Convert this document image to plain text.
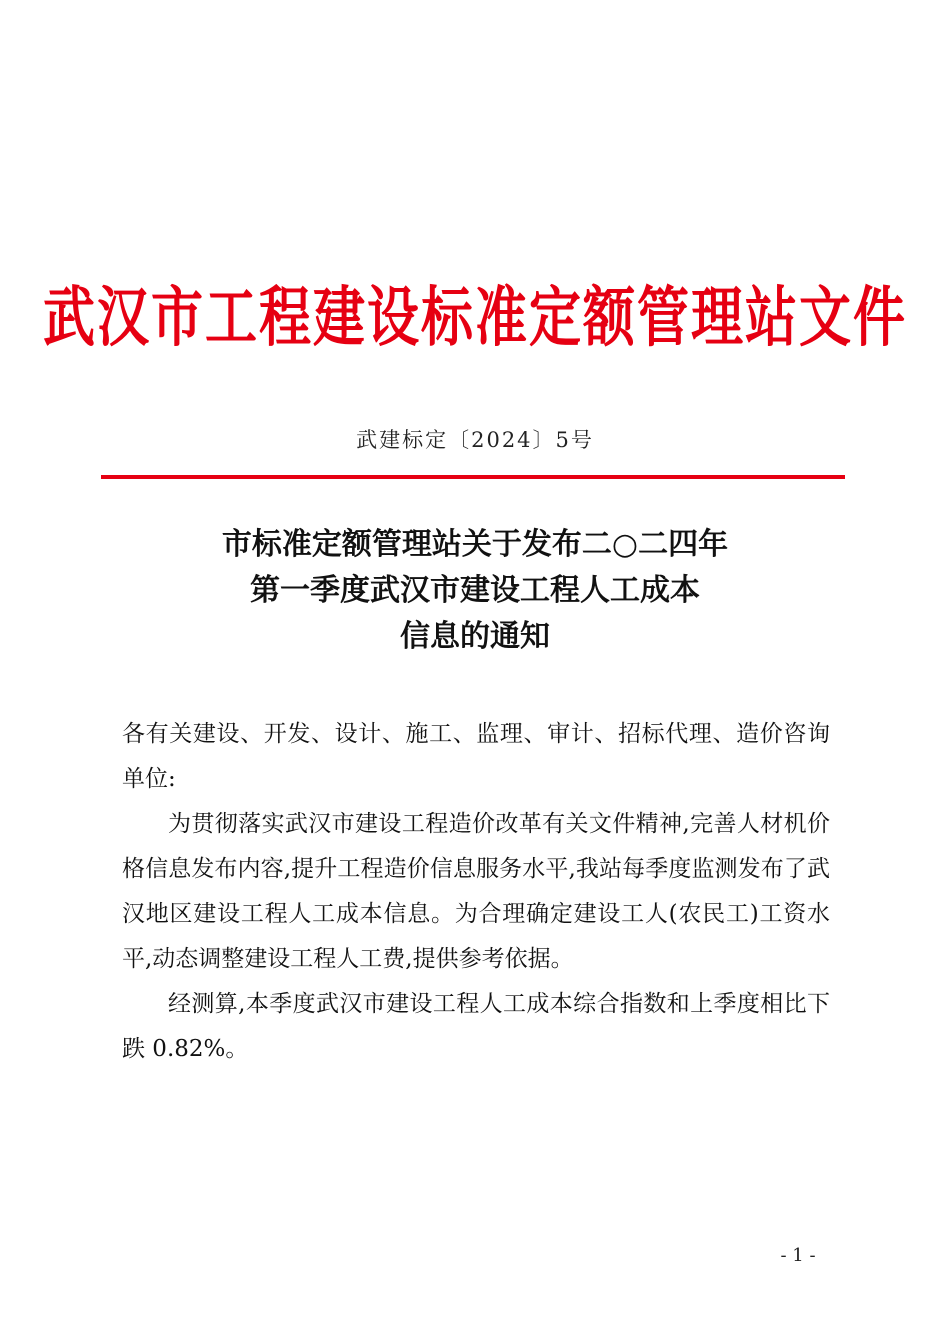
武汉市工程建设标准定额管理站文件
武建标定〔2024〕5号
市标准定额管理站关于发布二○二四年
第一季度武汉市建设工程人工成本
信息的通知

各有关建设、开发、设计、施工、监理、审计、招标代理、造价咨询单位:

为贯彻落实武汉市建设工程造价改革有关文件精神,完善人材机价格信息发布内容,提升工程造价信息服务水平,我站每季度监测发布了武汉地区建设工程人工成本信息。为合理确定建设工人(农民工)工资水平,动态调整建设工程人工费,提供参考依据。

经测算,本季度武汉市建设工程人工成本综合指数和上季度相比下跌 0.82%。

- 1 -
